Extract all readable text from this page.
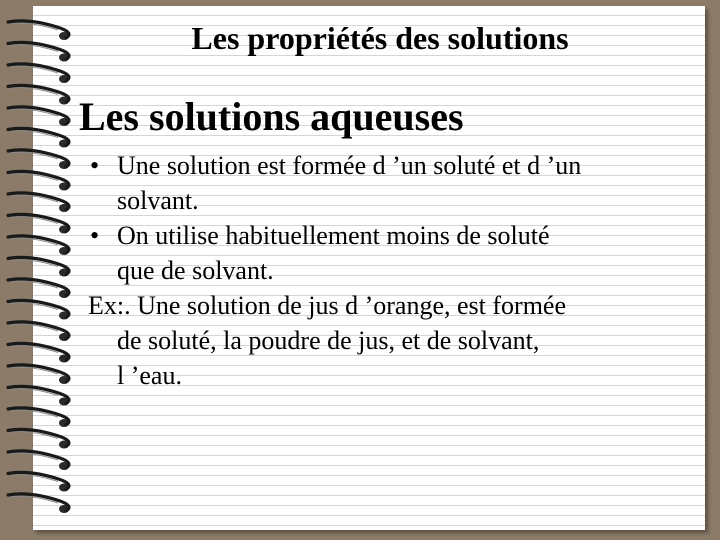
Les propriétés des solutions
Les solutions aqueuses
• Une solution est formée d ’un soluté et d ’un
solvant.
• On utilise habituellement moins de soluté
que de solvant.
Ex:. Une solution de jus d ’orange, est formée
de soluté, la poudre de jus, et de solvant,
l ’eau.
